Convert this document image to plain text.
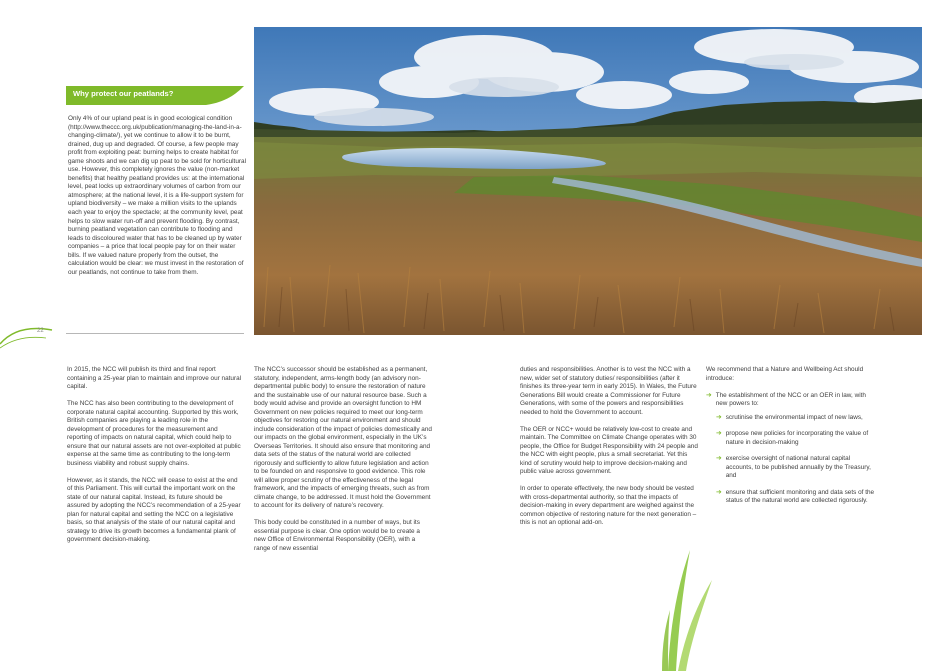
Why protect our peatlands?
Only 4% of our upland peat is in good ecological condition (http://www.theccc.org.uk/publication/managing-the-land-in-a-changing-climate/), yet we continue to allow it to be burnt, drained, dug up and degraded. Of course, a few people may profit from exploiting peat: burning helps to create habitat for game shoots and we can dig up peat to be sold for horticultural use. However, this completely ignores the value (non-market benefits) that healthy peatland provides us: at the international level, peat locks up extraordinary volumes of carbon from our atmosphere; at the national level, it is a life-support system for upland biodiversity – we make a million visits to the uplands each year to enjoy the spectacle; at the community level, peat helps to slow water run-off and prevent flooding. By contrast, burning peatland vegetation can contribute to flooding and leads to discoloured water that has to be cleaned up by water companies – a price that local people pay for on their water bills. If we valued nature properly from the outset, the calculation would be clear: we must invest in the restoration of our peatlands, not continue to take from them.
22

In 2015, the NCC will publish its third and final report containing a 25-year plan to maintain and improve our natural capital.

The NCC has also been contributing to the development of corporate natural capital accounting. Supported by this work, British companies are playing a leading role in the development of procedures for the measurement and reporting of impacts on natural capital, which could help to ensure that our natural assets are not over-exploited at public expense at the same time as contributing to the long-term business viability and robust supply chains.

However, as it stands, the NCC will cease to exist at the end of this Parliament. This will curtail the important work on the state of our natural capital. Instead, its future should be assured by adopting the NCC’s recommendation of a 25-year plan for natural capital and setting the NCC on a legislative basis, so that analysis of the state of our natural capital and strategy to drive its growth becomes a fundamental plank of government decision-making.

The NCC’s successor should be established as a permanent, statutory, independent, arms-length body (an advisory non-departmental public body) to ensure the restoration of nature and the sustainable use of our natural resource base. Such a body would advise and provide an oversight function to HM Government on new policies required to meet our long-term objectives for restoring our natural environment and should include consideration of the impact of policies domestically and our impacts on the global environment, especially in the UK’s Overseas Territories. It should also ensure that monitoring and data sets of the status of the natural world are collected rigorously and sufficiently to allow future legislation and action to be founded on and responsive to good evidence. This role will allow proper scrutiny of the effectiveness of the legal framework, and the impacts of emerging threats, such as from climate change, to be addressed. It must hold the Government to account for its delivery of nature’s recovery.

This body could be constituted in a number of ways, but its essential purpose is clear. One option would be to create a new Office of Environmental Responsibility (OER), with a range of new essential

duties and responsibilities. Another is to vest the NCC with a new, wider set of statutory duties/ responsibilities (after it finishes its three-year term in early 2015). In Wales, the Future Generations Bill would create a Commissioner for Future Generations, with some of the powers and responsibilities needed to hold the Government to account.

The OER or NCC+ would be relatively low-cost to create and maintain. The Committee on Climate Change operates with 30 people, the Office for Budget Responsibility with 24 people and the NCC with eight people, plus a small secretariat. Yet this kind of scrutiny would help to improve decision-making and public value across government.

In order to operate effectively, the new body should be vested with cross-departmental authority, so that the impacts of decision-making in every department are weighed against the common objective of restoring nature for the next generation – this is not an optional add-on.

We recommend that a Nature and Wellbeing Act should introduce:

➔ The establishment of the NCC or an OER in law, with new powers to:
➔ scrutinise the environmental impact of new laws,
➔ propose new policies for incorporating the value of nature in decision-making
➔ exercise oversight of national natural capital accounts, to be published annually by the Treasury, and
➔ ensure that sufficient monitoring and data sets of the status of the natural world are collected rigorously.
